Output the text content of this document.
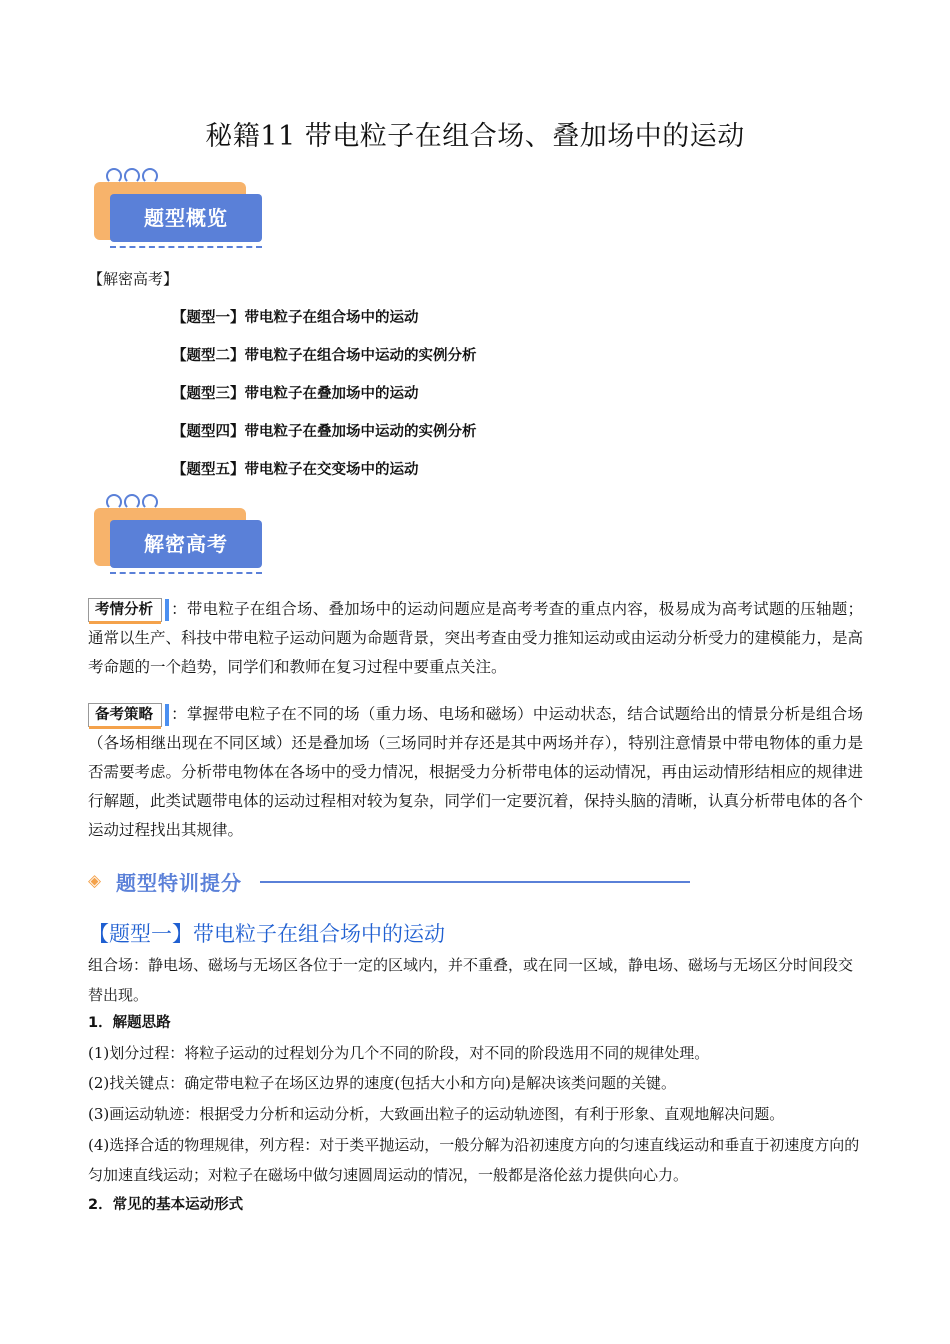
秘籍11 带电粒子在组合场、叠加场中的运动
题型概览
【解密高考】
【题型一】带电粒子在组合场中的运动
【题型二】带电粒子在组合场中运动的实例分析
【题型三】带电粒子在叠加场中的运动
【题型四】带电粒子在叠加场中运动的实例分析
【题型五】带电粒子在交变场中的运动
解密高考
考情分析 ：带电粒子在组合场、叠加场中的运动问题应是高考考查的重点内容，极易成为高考试题的压轴题；通常以生产、科技中带电粒子运动问题为命题背景，突出考查由受力推知运动或由运动分析受力的建模能力，是高考命题的一个趋势，同学们和教师在复习过程中要重点关注。
备考策略 ：掌握带电粒子在不同的场（重力场、电场和磁场）中运动状态，结合试题给出的情景分析是组合场（各场相继出现在不同区域）还是叠加场（三场同时并存还是其中两场并存），特别注意情景中带电物体的重力是否需要考虑。分析带电物体在各场中的受力情况，根据受力分析带电体的运动情况，再由运动情形结相应的规律进行解题，此类试题带电体的运动过程相对较为复杂，同学们一定要沉着，保持头脑的清晰，认真分析带电体的各个运动过程找出其规律。
◈ 题型特训提分
【题型一】带电粒子在组合场中的运动
组合场：静电场、磁场与无场区各位于一定的区域内，并不重叠，或在同一区域，静电场、磁场与无场区分时间段交替出现。
1．解题思路
(1)划分过程：将粒子运动的过程划分为几个不同的阶段，对不同的阶段选用不同的规律处理。
(2)找关键点：确定带电粒子在场区边界的速度(包括大小和方向)是解决该类问题的关键。
(3)画运动轨迹：根据受力分析和运动分析，大致画出粒子的运动轨迹图，有利于形象、直观地解决问题。
(4)选择合适的物理规律，列方程：对于类平抛运动，一般分解为沿初速度方向的匀速直线运动和垂直于初速度方向的匀加速直线运动；对粒子在磁场中做匀速圆周运动的情况，一般都是洛伦兹力提供向心力。
2．常见的基本运动形式
